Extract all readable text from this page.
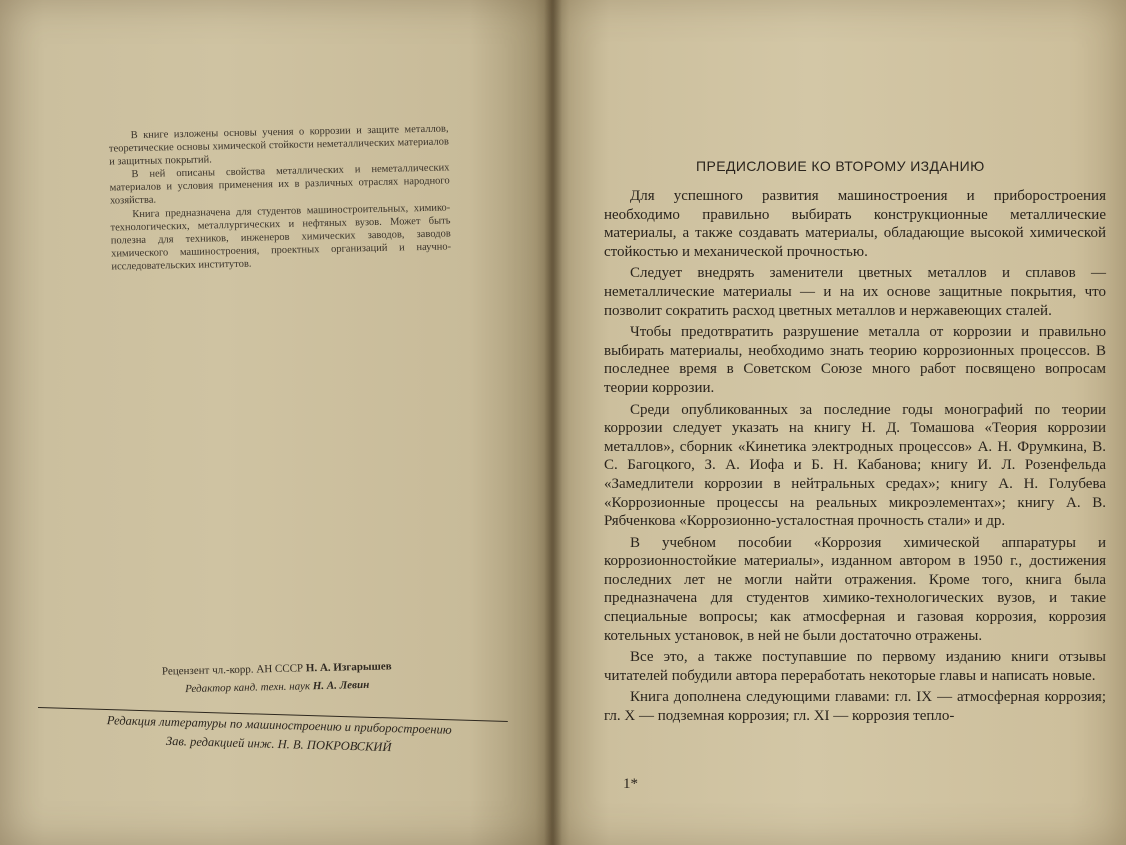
В книге изложены основы учения о коррозии и защите металлов, теоретические основы химической стойкости неметаллических материалов и защитных покрытий.

В ней описаны свойства металлических и неметаллических материалов и условия применения их в различных отраслях народного хозяйства.

Книга предназначена для студентов машиностроительных, химико-технологических, металлургических и нефтяных вузов. Может быть полезна для техников, инженеров химических заводов, заводов химического машиностроения, проектных организаций и научно-исследовательских институтов.

Рецензент чл.-корр. АН СССР Н. А. Изгарышев
Редактор канд. техн. наук Н. А. Левин
Редакция литературы по машиностроению и приборостроению
Зав. редакцией инж. Н. В. ПОКРОВСКИЙ
ПРЕДИСЛОВИЕ КО ВТОРОМУ ИЗДАНИЮ

Для успешного развития машиностроения и приборостроения необходимо правильно выбирать конструкционные металлические материалы, а также создавать материалы, обладающие высокой химической стойкостью и механической прочностью.

Следует внедрять заменители цветных металлов и сплавов — неметаллические материалы — и на их основе защитные покрытия, что позволит сократить расход цветных металлов и нержавеющих сталей.

Чтобы предотвратить разрушение металла от коррозии и правильно выбирать материалы, необходимо знать теорию коррозионных процессов. В последнее время в Советском Союзе много работ посвящено вопросам теории коррозии.

Среди опубликованных за последние годы монографий по теории коррозии следует указать на книгу Н. Д. Томашова «Теория коррозии металлов», сборник «Кинетика электродных процессов» А. Н. Фрумкина, В. С. Багоцкого, З. А. Иофа и Б. Н. Кабанова; книгу И. Л. Розенфельда «Замедлители коррозии в нейтральных средах»; книгу А. Н. Голубева «Коррозионные процессы на реальных микроэлементах»; книгу А. В. Рябченкова «Коррозионно-усталостная прочность стали» и др.

В учебном пособии «Коррозия химической аппаратуры и коррозионностойкие материалы», изданном автором в 1950 г., достижения последних лет не могли найти отражения. Кроме того, книга была предназначена для студентов химико-технологических вузов, и такие специальные вопросы; как атмосферная и газовая коррозия, коррозия котельных установок, в ней не были достаточно отражены.

Все это, а также поступавшие по первому изданию книги отзывы читателей побудили автора переработать некоторые главы и написать новые.

Книга дополнена следующими главами: гл. IX — атмосферная коррозия; гл. X — подземная коррозия; гл. XI — коррозия тепло-

1*
